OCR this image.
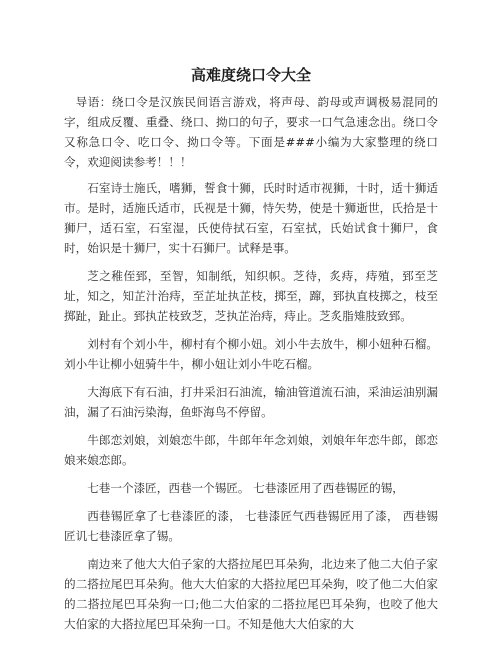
高难度绕口令大全

导语：绕口令是汉族民间语言游戏，将声母、韵母或声调极易混同的字，组成反覆、重叠、绕口、拗口的句子，要求一口气急速念出。绕口令又称急口令、吃口令、拗口令等。下面是###小编为大家整理的绕口令，欢迎阅读参考！！！

石室诗士施氏，嗜狮，誓食十狮，氏时时适市视狮，十时，适十狮适市。是时，适施氏适市，氏视是十狮，恃矢势，使是十狮逝世，氏拾是十狮尸，适石室，石室湿，氏使侍拭石室，石室拭，氏始试食十狮尸，食时，始识是十狮尸，实十石狮尸。试释是事。

芝之稚侄郅，至智，知制纸，知织帜。芝待，炙痔，痔殖，郅至芝址，知之，知芷汁治痔，至芷址执芷枝，掷至，蹿，郅执直枝掷之，枝至掷趾，趾止。郅执芷枝致芝，芝执芷治痔，痔止。芝炙脂雉肢致郅。

刘村有个刘小牛，柳村有个柳小妞。刘小牛去放牛，柳小妞种石榴。刘小牛让柳小妞骑牛牛，柳小妞让刘小牛吃石榴。

大海底下有石油，打井采汩石油流，输油管道流石油，采油运油别漏油，漏了石油污染海，鱼虾海鸟不停留。

牛郎恋刘娘，刘娘恋牛郎，牛郎年年念刘娘，刘娘年年恋牛郎，郎恋娘来娘恋郎。

七巷一个漆匠，西巷一个锡匠。 七巷漆匠用了西巷锡匠的锡，

西巷锡匠拿了七巷漆匠的漆， 七巷漆匠气西巷锡匠用了漆， 西巷锡匠讥七巷漆匠拿了锡。

南边来了他大大伯子家的大搭拉尾巴耳朵狗，北边来了他二大伯子家的二搭拉尾巴耳朵狗。他大大伯家的大搭拉尾巴耳朵狗，咬了他二大伯家的二搭拉尾巴耳朵狗一口;他二大伯家的二搭拉尾巴耳朵狗，也咬了他大大伯家的大搭拉尾巴耳朵狗一口。不知是他大大伯家的大
